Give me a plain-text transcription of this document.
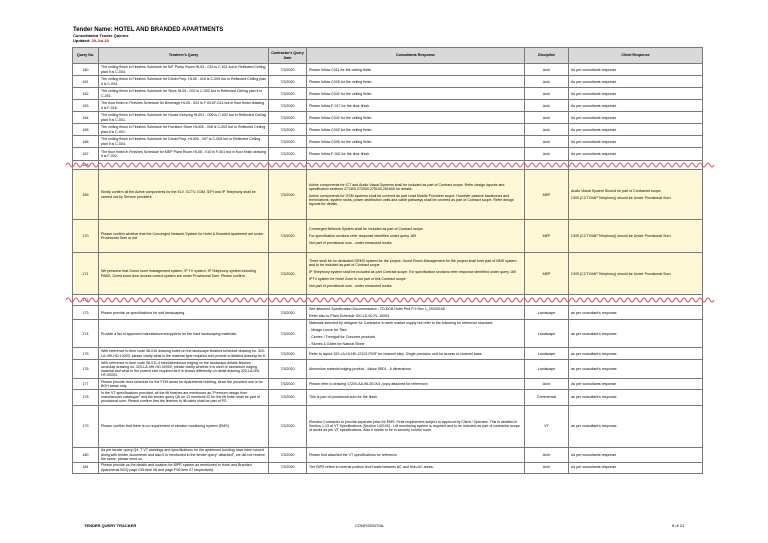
Tender Name: HOTEL AND BRANDED APARTMENTS
Consolidated Tender Queries
Updated: 29-Jul-20
Query No.	Tenderer's Query	Contractor's Query Date	Consultants Response	Discipline	Client Response
160	The ceiling finish in Finishes Schedule for B/F Pump Room HL03 - 015 is C-011 but in Reflected Ceiling plan it is C-004.	7/3/2020	Please follow C011 for the ceiling finish	Arch	As per consultants response

161	The ceiling finish in Finishes Schedule for Dhobi Prep. HL05 - 016 is C-005 but in Reflected Ceiling plan it is C-004.	7/3/2020	Please follow C005 for the ceiling finish	Arch	As per consultants response

162	The ceiling finish in Finishes Schedule for Store HL05 - 022 is C-002 but in Reflected Ceiling plan it is C-001.	7/3/2020	Please follow C002 for the ceiling finish	Arch	As per consultants response

163	The floor finish in Finishes Schedule for Beverage HL05 - 024 is F-001/F-014 but in floor finish drawing it is F-016.	7/3/2020	Please follow F-017 for the floor finish	Arch	As per consultants response

164	The ceiling finish in Finishes Schedule for House Keeping HL001 - 006 is C-002 but in Reflected Ceiling plan it is C-001.	7/3/2020	Please follow C002 for the ceiling finish	Arch	As per consultants response

165	The ceiling finish in Finishes Schedule for Furniture Store HL005 - 008 is C-002 but in Reflected Ceiling plan it is C-001.	7/3/2020	Please follow C002 for the ceiling finish	Arch	As per consultants response

166	The ceiling finish in Finishes Schedule for Dhobi Prep. HL005 - 007 is C-005 but in Reflected Ceiling plan it is C-004.	7/3/2020	Please follow C005 for the ceiling finish	Arch	As per consultants response

167	The floor finish in Finishes Schedule for MEP Plant Room HL08 - 010 is F-001 but in floor finish drawing it is F-002.	7/3/2020	Please follow F-002 for the floor finish	Arch	As per consultants response

168					
169	Kindly confirm all the Active components for the ELV, CCTV, G3M, SIPI and IP Telephony shall be carried out by Service providers.	7/3/2020	Active components for ICT and Audio Visual Systems shall be included as part of Contract scope. Refer design layouts and specification sections 271300,272000,275100,281600 for details.
Active components for GSM systems shall be covered as part Lead Mobile Providers scope. However passive backbones and terminations, system racks, power distribution units and cable pathways shall be covered as part of Contract scope. Refer design layouts for details.	MEP	Audio Visual System Should be part of Contractor scope.
CMS (CCTV/IAP Telephony) should be Under Provisional Sum.

170	Please confirm whether that the Converged Network System for Hotel & Branded apartment are under Provisional Sum or not.	7/3/2020	Converged Network System shall be included as part of Contract scope.
For specification sections refer response identified under query 169
Not part of provisional sum - under measured works	MEP	CMS (CCTV/IAP Telephony) should be Under Provisional Sum.

171	We presume that Guest room management system, IP TV system, IP Telephony system including PABX, Guest room door access control system are under Provisional Sum. Please confirm.	7/3/2020	There shall be no dedicated GRMS system for the project. Guest Room Management for the project shall form part of BMS system and to be included as part of Contract scope
IP Telephony system shall be included as part Contract scope. For specification sections refer response identified under query 169
IPTV system for Hotel Zone is not part of this Contract scope
Not part of provisional sum - under measured works	MEP	CMS (CCTV/IAP Telephony) should be Under Provisional Sum.

172					
173	Please provide us specifications for soft landscaping.	7/3/2020	See attached Specification Documentation - TD-DCB Hotel Phd P II Rev 1_20200108
Refer also to Plant Schedule 320-LS-00-PL-10003	Landscape	as per consultant's response

174	Provide a list of approved manufacturers/suppliers for the hard landscaping materials.	7/3/2020	Materials selected by designer for Contractor to seek market supply but refer to the following for reference standard:
- Mirage Leuve for Tiles
- Cemex / Tremgulf for Concrete products
- Stones & Gates for Natural Stone	Landscape	as per consultant's response

175	With reference to item code 08-010 drawing notes on the landscape finishes schedule drawing no. 320-LA-0HI-HD-10000, please clarify what is the material type required and provide a detailed drawing for it.	7/3/2020	Refer to layout 320-LA-HI-HD-12102-P03F for channel step. Single precision unit for access to channel base.	Landscape	as per consultant's response

176	With reference to item code 08-011-4 steel/aluminium edging on the landscape details finishes schedule drawing no. 320-LA-0HI-HD-00000, please clarify whether it is steel or aluminium edging material and what is the correct size required as it is shown differently on detail drawing 320-LA-0HI-HF-00003.	7/3/2020	Aluminium material edging product - follow SB01 - A dimensions	Landscape	as per consultant's response

177	Please provide door schedule for the FOH areas for Apartments building, since the provided one is for BOH areas only.	7/3/2020	Please refer to drawing 17200-AA-96-00-001 (copy attached for reference)	Arch	As per consultants response

178	In the VT specifications provided, all the lift finishes are mentioned as "Premium design from manufacturer catalogue" and the tender query Q6 on 13 mentions ID for the lift finish shall be part of provisional sum. Please confirm that the finishes to lift cabin shall be part of PS.	7/3/2020	This is part of provisional sum for the finish	Commercial	as per consultant's response

179	Please confirm that there is no requirement of elevator monitoring system (EMS).	7/3/2020	Elevator Contractor to provide separate price for EMS. Final requirement subject to approval by Client / Operator. This is detailed in Section 1.13 of VT Specifications (Section 142100) - Lift monitoring system is required and to be included as part of contractor scope of works as per VT specifications. Also it needs to be in security control room.	VT	as per consultant's response

180	As per tender query Q4, T VT drawings and specifications for the apartment building have been issued along with tender documents and also it is mentioned in the tender query "attached", we did not receive the same, please send us.	7/3/2020	Please find attached the VT specifications for reference	Arch	As per consultants response

181	Please provide us the details and location for BIPR system as mentioned in Hotel and Branded Apartments BOQ page 035 item 06 and page F06 item 07 respectively.	7/3/2020	The BIPS refers to internal podium level walls between AC and Non-AC areas.	Arch	As per consultants response
TENDER QUERY TRACKER	CONFIDENTIAL	8 of 21
